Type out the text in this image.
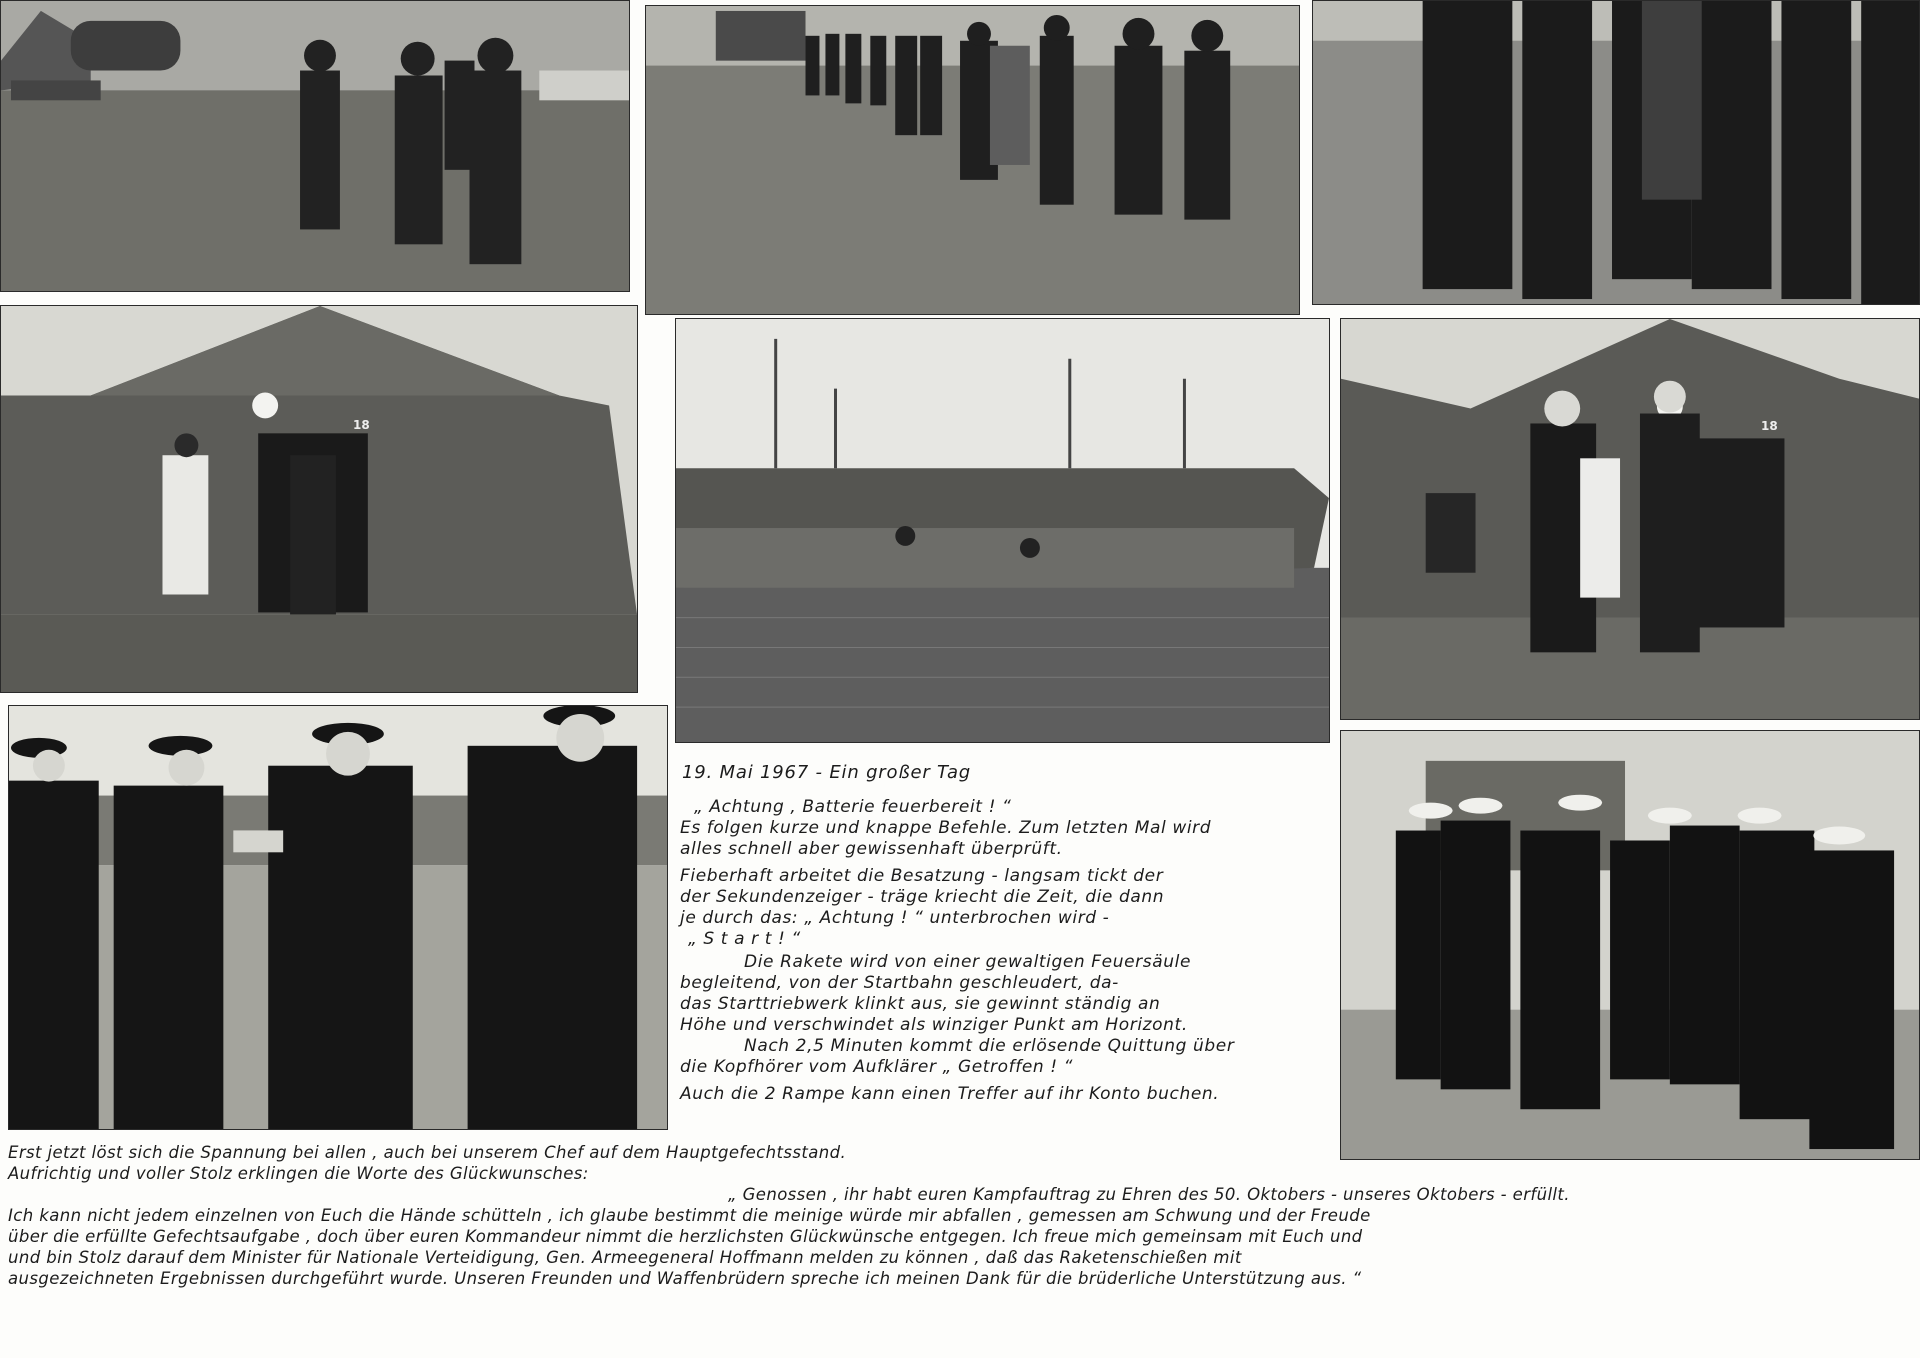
18	18
19. Mai 1967 - Ein großer Tag
„ Achtung , Batterie feuerbereit ! “
Es folgen kurze und knappe Befehle. Zum letzten Mal wird
alles schnell aber gewissenhaft überprüft.
Fieberhaft arbeitet die Besatzung - langsam tickt der
der Sekundenzeiger - träge kriecht die Zeit, die dann
je durch das: „ Achtung ! “ unterbrochen wird -
„ S t a r t ! “
Die Rakete wird von einer gewaltigen Feuersäule
begleitend, von der Startbahn geschleudert, da-
das Starttriebwerk klinkt aus, sie gewinnt ständig an
Höhe und verschwindet als winziger Punkt am Horizont.
Nach 2,5 Minuten kommt die erlösende Quittung über
die Kopfhörer vom Aufklärer „ Getroffen ! “
Auch die 2 Rampe kann einen Treffer auf ihr Konto buchen.
Erst jetzt löst sich die Spannung bei allen , auch bei unserem Chef auf dem Hauptgefechtsstand.
Aufrichtig und voller Stolz erklingen die Worte des Glückwunsches:
„ Genossen , ihr habt euren Kampfauftrag zu Ehren des 50. Oktobers - unseres Oktobers - erfüllt.
Ich kann nicht jedem einzelnen von Euch die Hände schütteln , ich glaube bestimmt die meinige würde mir abfallen , gemessen am Schwung und der Freude
über die erfüllte Gefechtsaufgabe , doch über euren Kommandeur nimmt die herzlichsten Glückwünsche entgegen. Ich freue mich gemeinsam mit Euch und
und bin Stolz darauf dem Minister für Nationale Verteidigung, Gen. Armeegeneral Hoffmann melden zu können , daß das Raketenschießen mit
ausgezeichneten Ergebnissen durchgeführt wurde. Unseren Freunden und Waffenbrüdern spreche ich meinen Dank für die brüderliche Unterstützung aus. “
